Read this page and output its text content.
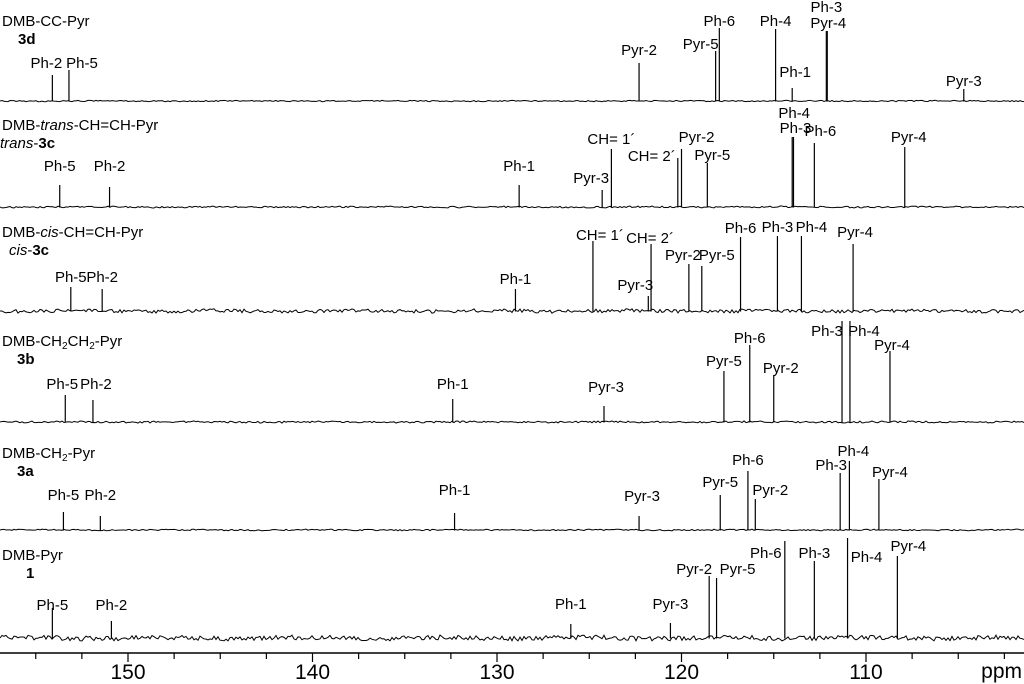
DMB-CC-Pyr
3d
Ph-2 Ph-5
Pyr-2 Pyr-5
Ph-6 Ph-4
Ph-1
Ph-3
Pyr-4
Pyr-3
DMB-trans-CH=CH-Pyr
trans-3c
Ph-5 Ph-2	Ph-1
Pyr-3
CH= 1´
CH= 2´
Pyr-2
Pyr-5
Ph-4
Ph-3
Ph-6	Pyr-4
DMB-cis-CH=CH-Pyr
cis-3c
Ph-5 Ph-2	Ph-1
CH= 1´
Pyr-3
CH= 2´
Pyr-2
Pyr-5
Ph-6 Ph-3 Ph-4 Pyr-4
DMB-$CH_2CH_2$-Pyr
3b
Ph-5 Ph-2	Ph-1	Pyr-3
Pyr-5
Ph-6
Pyr-2
Ph-3 Ph-4
Pyr-4
DMB-$CH_2$-Pyr
3a
Ph-5 Ph-2	Ph-1	Pyr-3
Pyr-5
Ph-6
Pyr-2
Ph-3
Ph-4
Pyr-4
DMB-Pyr
1
Ph-5 Ph-2	Ph-1	Pyr-3
Pyr-2 Pyr-5
Ph-6 Ph-3 Ph-4
Pyr-4
150	140	130	120	110	ppm
